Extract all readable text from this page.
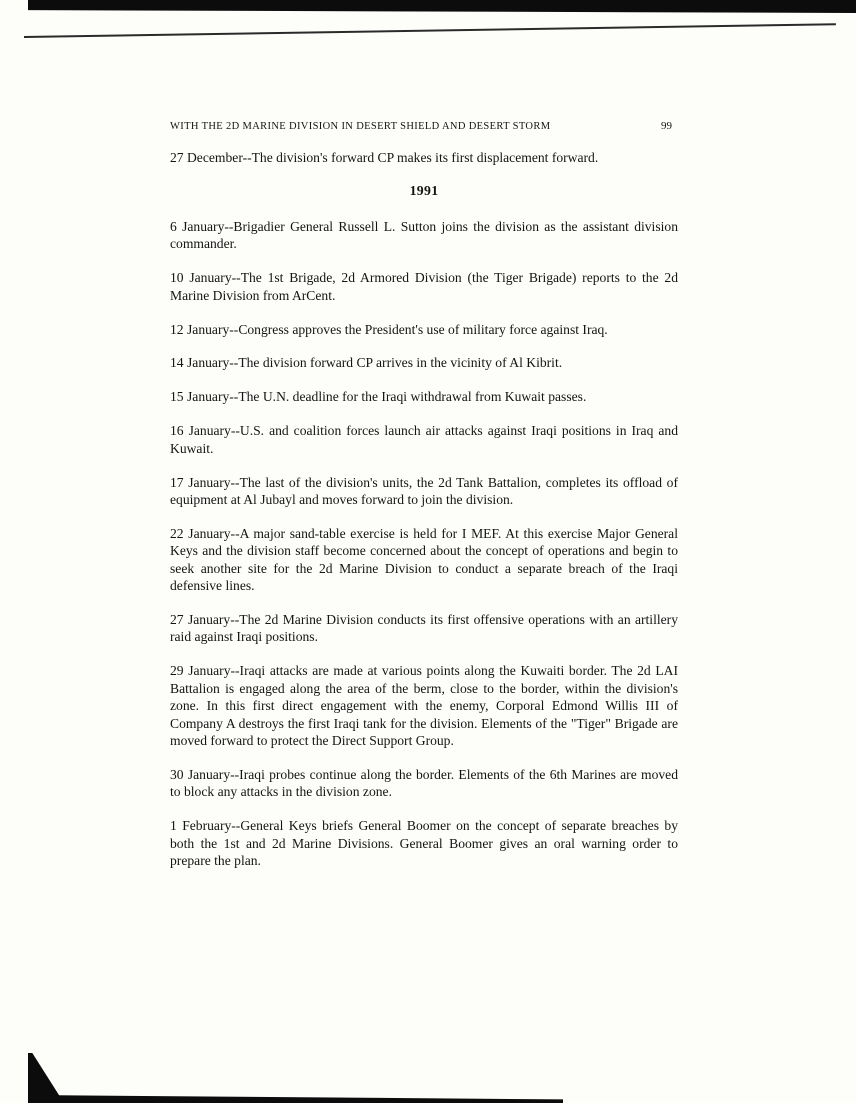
WITH THE 2D MARINE DIVISION IN DESERT SHIELD AND DESERT STORM	99

27 December--The division's forward CP makes its first displacement forward.

1991

6 January--Brigadier General Russell L. Sutton joins the division as the assistant division commander.

10 January--The 1st Brigade, 2d Armored Division (the Tiger Brigade) reports to the 2d Marine Division from ArCent.

12 January--Congress approves the President's use of military force against Iraq.

14 January--The division forward CP arrives in the vicinity of Al Kibrit.

15 January--The U.N. deadline for the Iraqi withdrawal from Kuwait passes.

16 January--U.S. and coalition forces launch air attacks against Iraqi positions in Iraq and Kuwait.

17 January--The last of the division's units, the 2d Tank Battalion, completes its offload of equipment at Al Jubayl and moves forward to join the division.

22 January--A major sand-table exercise is held for I MEF. At this exercise Major General Keys and the division staff become concerned about the concept of operations and begin to seek another site for the 2d Marine Division to conduct a separate breach of the Iraqi defensive lines.

27 January--The 2d Marine Division conducts its first offensive operations with an artillery raid against Iraqi positions.

29 January--Iraqi attacks are made at various points along the Kuwaiti border. The 2d LAI Battalion is engaged along the area of the berm, close to the border, within the division's zone. In this first direct engagement with the enemy, Corporal Edmond Willis III of Company A destroys the first Iraqi tank for the division. Elements of the "Tiger" Brigade are moved forward to protect the Direct Support Group.

30 January--Iraqi probes continue along the border. Elements of the 6th Marines are moved to block any attacks in the division zone.

1 February--General Keys briefs General Boomer on the concept of separate breaches by both the 1st and 2d Marine Divisions. General Boomer gives an oral warning order to prepare the plan.
